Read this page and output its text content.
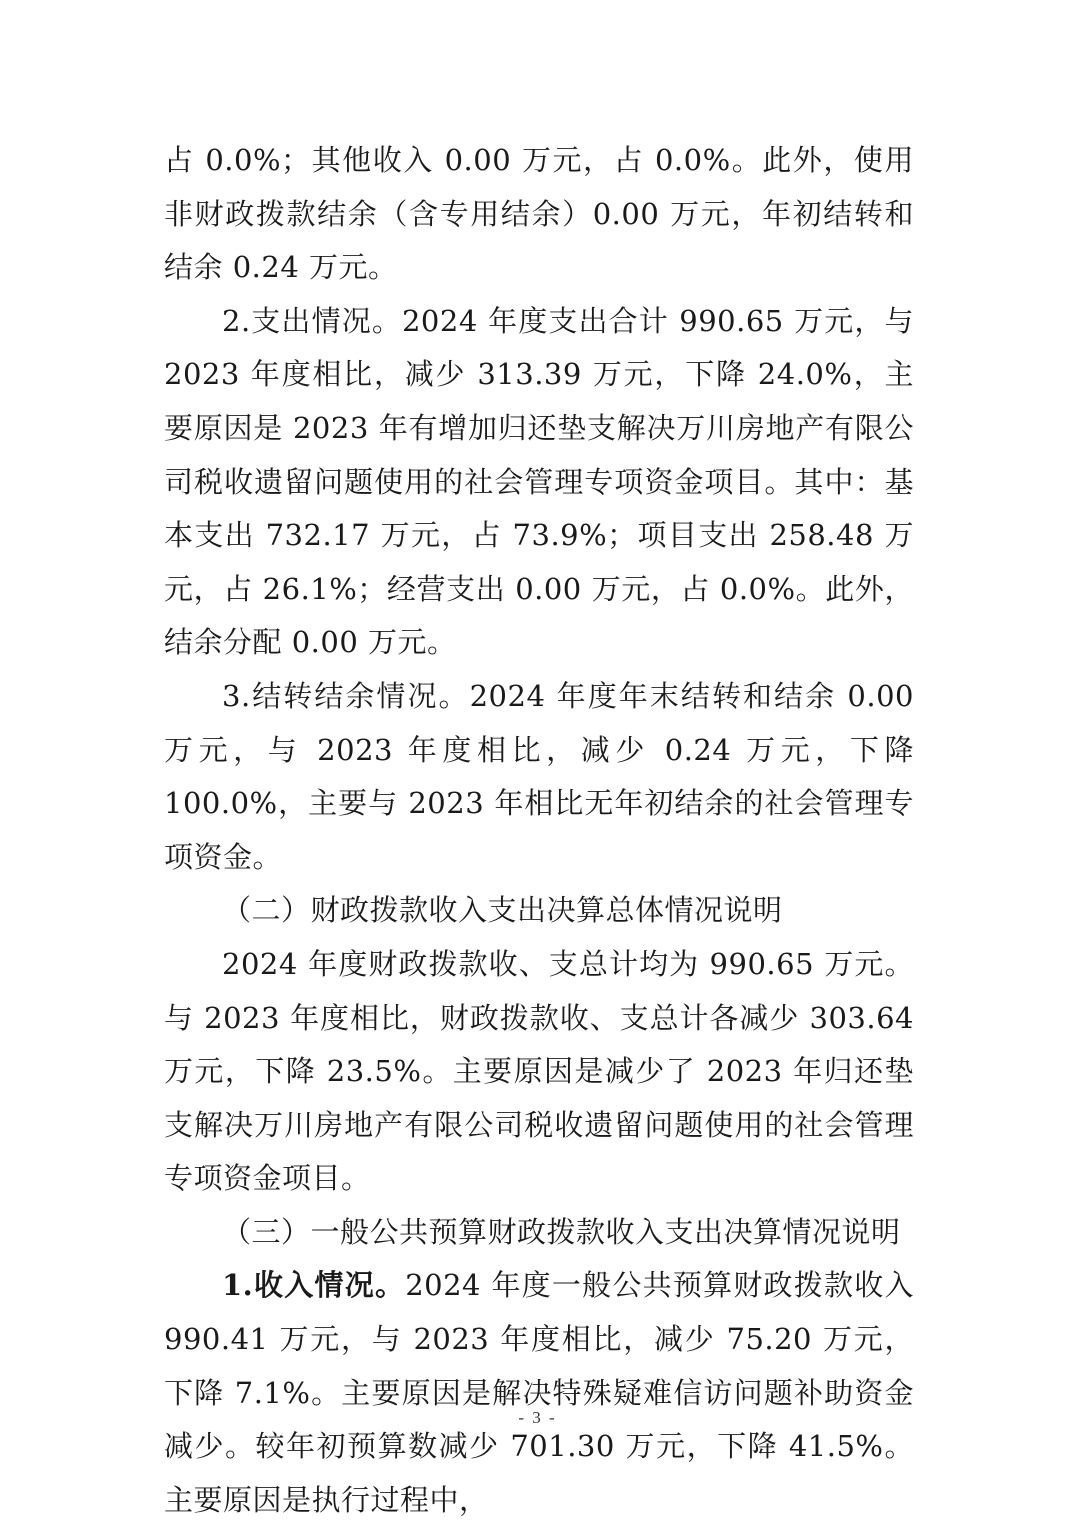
占 0.0%；其他收入 0.00 万元，占 0.0%。此外，使用非财政拨款结余（含专用结余）0.00 万元，年初结转和结余 0.24 万元。

2.支出情况。2024 年度支出合计 990.65 万元，与 2023 年度相比，减少 313.39 万元，下降 24.0%，主要原因是 2023 年有增加归还垫支解决万川房地产有限公司税收遗留问题使用的社会管理专项资金项目。其中：基本支出 732.17 万元，占 73.9%；项目支出 258.48 万元，占 26.1%；经营支出 0.00 万元，占 0.0%。此外，结余分配 0.00 万元。

3.结转结余情况。2024 年度年末结转和结余 0.00 万元，与 2023 年度相比，减少 0.24 万元，下降 100.0%，主要与 2023 年相比无年初结余的社会管理专项资金。

（二）财政拨款收入支出决算总体情况说明

2024 年度财政拨款收、支总计均为 990.65 万元。与 2023 年度相比，财政拨款收、支总计各减少 303.64 万元，下降 23.5%。主要原因是减少了 2023 年归还垫支解决万川房地产有限公司税收遗留问题使用的社会管理专项资金项目。

（三）一般公共预算财政拨款收入支出决算情况说明

1.收入情况。2024 年度一般公共预算财政拨款收入 990.41 万元，与 2023 年度相比，减少 75.20 万元，下降 7.1%。主要原因是解决特殊疑难信访问题补助资金减少。较年初预算数减少 701.30 万元，下降 41.5%。主要原因是执行过程中，

- 3 -
